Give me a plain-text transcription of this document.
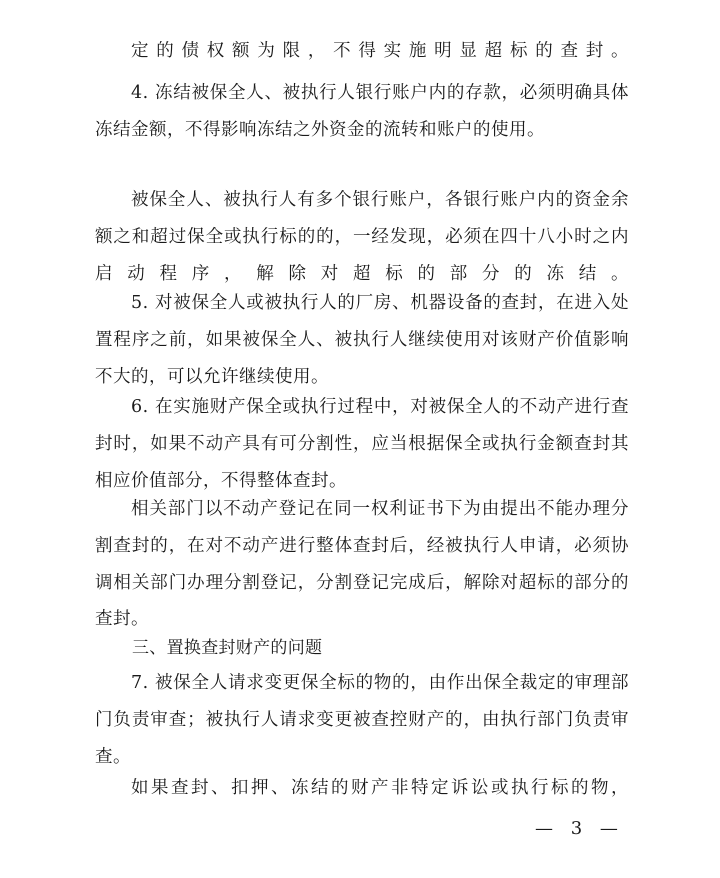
定的债权额为限，不得实施明显超标的查封。

4. 冻结被保全人、被执行人银行账户内的存款，必须明确具体冻结金额，不得影响冻结之外资金的流转和账户的使用。

被保全人、被执行人有多个银行账户，各银行账户内的资金余额之和超过保全或执行标的的，一经发现，必须在四十八小时之内启动程序，解除对超标的部分的冻结。

5. 对被保全人或被执行人的厂房、机器设备的查封，在进入处置程序之前，如果被保全人、被执行人继续使用对该财产价值影响不大的，可以允许继续使用。

6. 在实施财产保全或执行过程中，对被保全人的不动产进行查封时，如果不动产具有可分割性，应当根据保全或执行金额查封其相应价值部分，不得整体查封。

相关部门以不动产登记在同一权利证书下为由提出不能办理分割查封的，在对不动产进行整体查封后，经被执行人申请，必须协调相关部门办理分割登记，分割登记完成后，解除对超标的部分的查封。

三、置换查封财产的问题

7. 被保全人请求变更保全标的物的，由作出保全裁定的审理部门负责审查；被执行人请求变更被查控财产的，由执行部门负责审查。

如果查封、扣押、冻结的财产非特定诉讼或执行标的物，

— 3 —
